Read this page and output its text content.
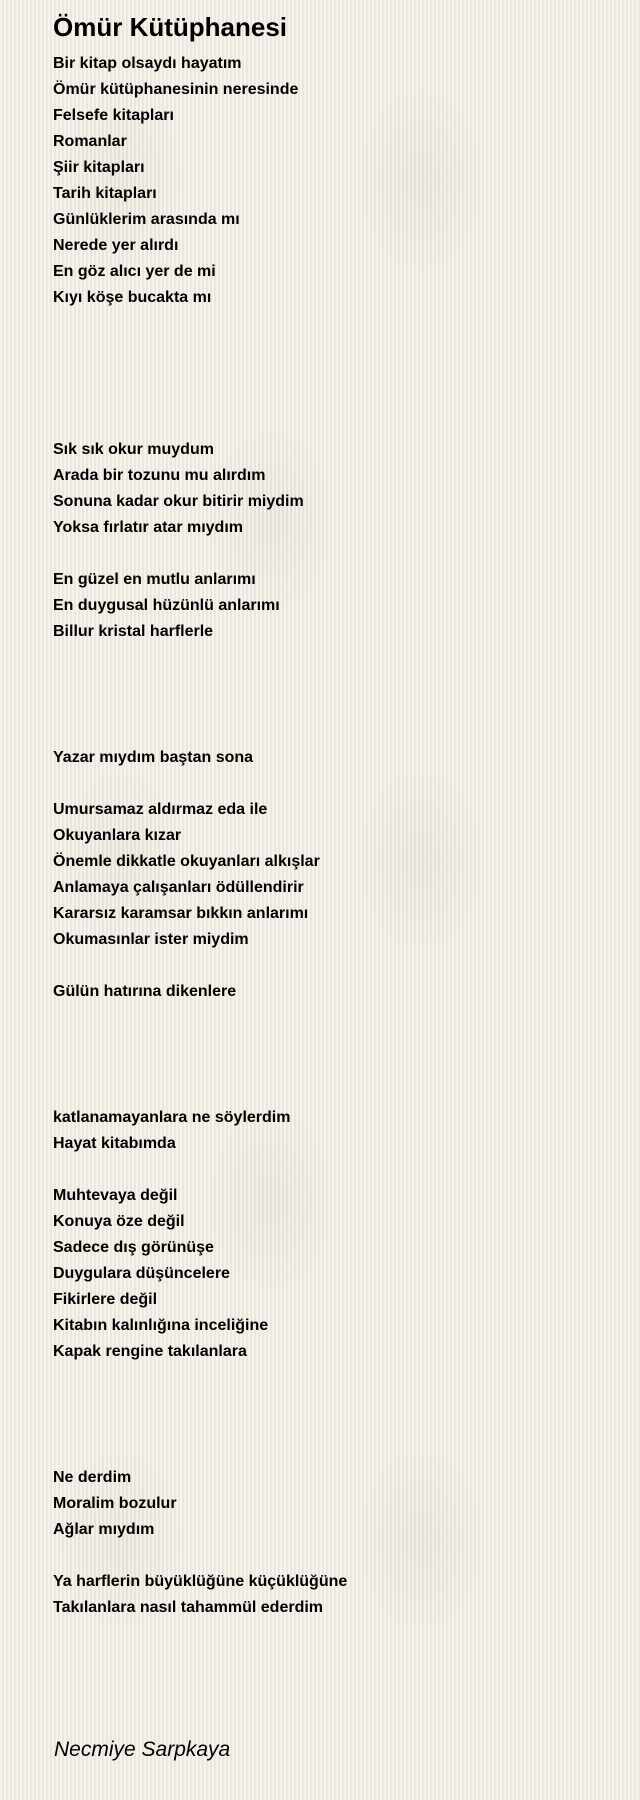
Ömür Kütüphanesi
Bir kitap olsaydı hayatım
Ömür kütüphanesinin neresinde
Felsefe kitapları
Romanlar
Şiir kitapları
Tarih kitapları
Günlüklerim arasında mı
Nerede yer alırdı
En göz alıcı yer de mi
Kıyı köşe bucakta mı
Sık sık okur muydum
Arada bir tozunu mu alırdım
Sonuna kadar okur bitirir miydim
Yoksa fırlatır atar mıydım
En güzel en mutlu anlarımı
En duygusal hüzünlü anlarımı
Billur kristal harflerle
Yazar mıydım baştan sona
Umursamaz aldırmaz eda ile
Okuyanlara kızar
Önemle dikkatle okuyanları alkışlar
Anlamaya çalışanları ödüllendirir
Kararsız karamsar bıkkın anlarımı
Okumasınlar ister miydim
Gülün hatırına dikenlere
katlanamayanlara ne söylerdim
Hayat kitabımda
Muhtevaya değil
Konuya öze değil
Sadece dış görünüşe
Duygulara düşüncelere
Fikirlere değil
Kitabın kalınlığına inceliğine
Kapak rengine takılanlara
Ne derdim
Moralim bozulur
Ağlar mıydım
Ya harflerin büyüklüğüne küçüklüğüne
Takılanlara nasıl tahammül ederdim
Necmiye Sarpkaya
